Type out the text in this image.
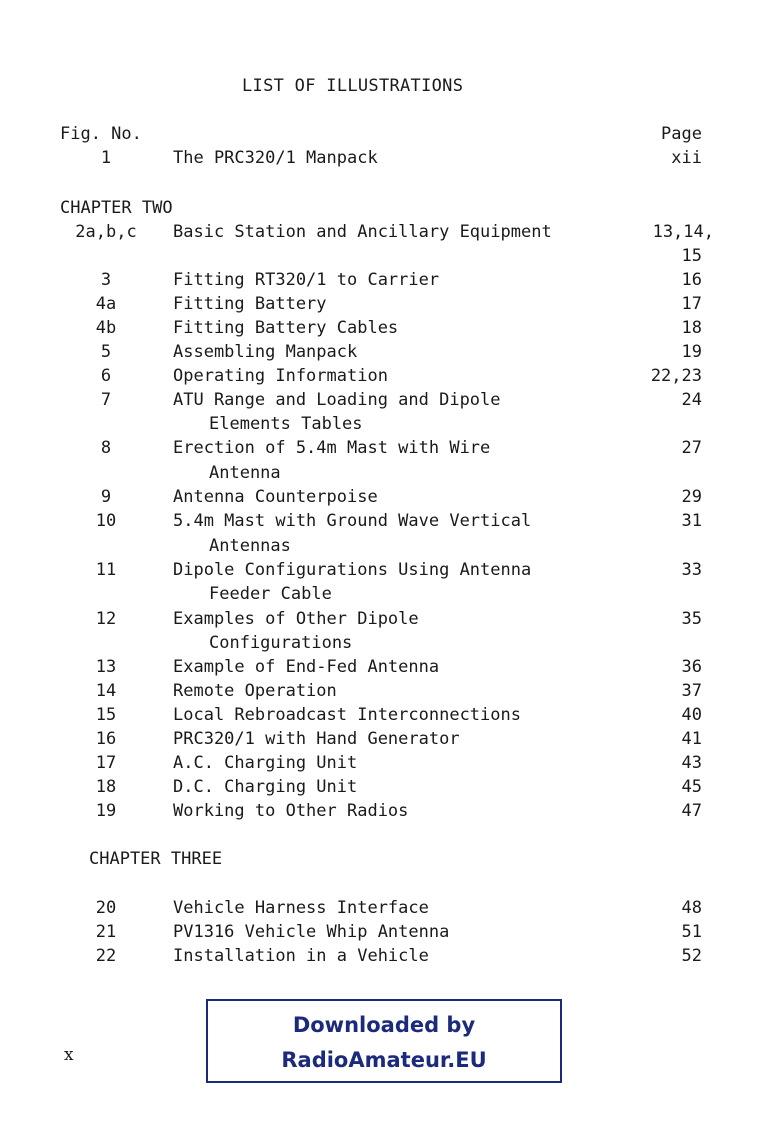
LIST OF ILLUSTRATIONS
Fig. No.	Page
1	The PRC320/1 Manpack	xii
CHAPTER TWO
2a,b,c	Basic Station and Ancillary Equipment	13,14,
15
3	Fitting RT320/1 to Carrier	16
4a	Fitting Battery	17
4b	Fitting Battery Cables	18
5	Assembling Manpack	19
6	Operating Information	22,23
7	ATU Range and Loading and Dipole	24
Elements Tables
8	Erection of 5.4m Mast with Wire	27
Antenna
9	Antenna Counterpoise	29
10	5.4m Mast with Ground Wave Vertical	31
Antennas
11	Dipole Configurations Using Antenna	33
Feeder Cable
12	Examples of Other Dipole	35
Configurations
13	Example of End-Fed Antenna	36
14	Remote Operation	37
15	Local Rebroadcast Interconnections	40
16	PRC320/1 with Hand Generator	41
17	A.C. Charging Unit	43
18	D.C. Charging Unit	45
19	Working to Other Radios	47
CHAPTER THREE
20	Vehicle Harness Interface	48
21	PV1316 Vehicle Whip Antenna	51
22	Installation in a Vehicle	52
x
Downloaded by
RadioAmateur.EU
